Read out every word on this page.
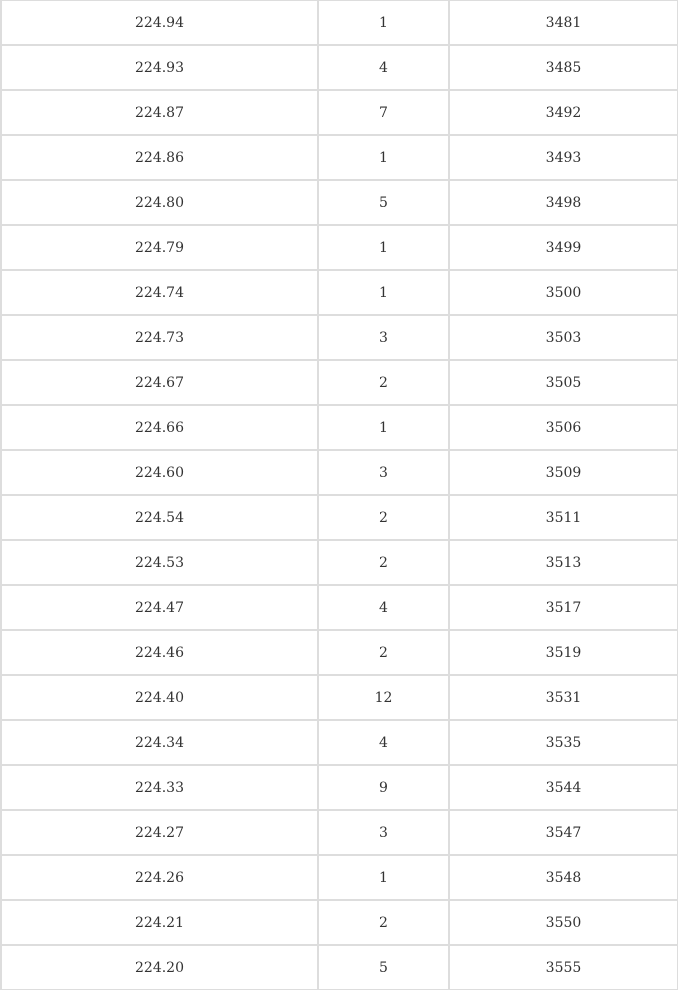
224.94	1	3481
224.93	4	3485
224.87	7	3492
224.86	1	3493
224.80	5	3498
224.79	1	3499
224.74	1	3500
224.73	3	3503
224.67	2	3505
224.66	1	3506
224.60	3	3509
224.54	2	3511
224.53	2	3513
224.47	4	3517
224.46	2	3519
224.40	12	3531
224.34	4	3535
224.33	9	3544
224.27	3	3547
224.26	1	3548
224.21	2	3550
224.20	5	3555
